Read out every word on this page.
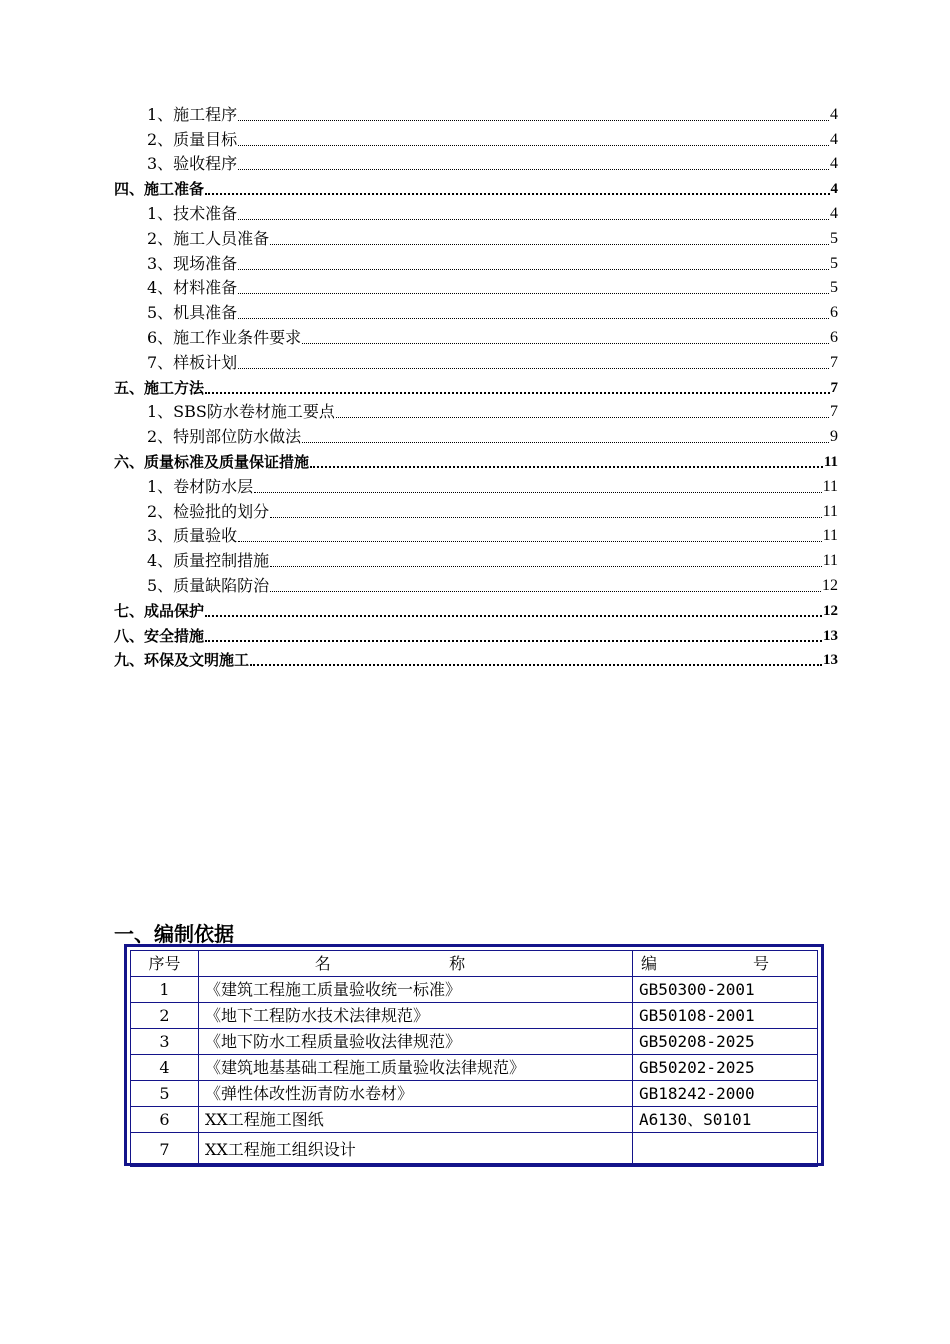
1、施工程序	4
2、质量目标	4
3、验收程序	4
四、施工准备	4
1、技术准备	4
2、施工人员准备	5
3、现场准备	5
4、材料准备	5
5、机具准备	6
6、施工作业条件要求	6
7、样板计划	7
五、施工方法	7
1、SBS防水卷材施工要点	7
2、特别部位防水做法	9
六、质量标准及质量保证措施	11
1、卷材防水层	11
2、检验批的划分	11
3、质量验收	11
4、质量控制措施	11
5、质量缺陷防治	12
七、成品保护	12
八、安全措施	13
九、环保及文明施工	13
一、编制依据
序号	名　称	编　号
1	《建筑工程施工质量验收统一标准》	GB50300-2001
2	《地下工程防水技术法律规范》	GB50108-2001
3	《地下防水工程质量验收法律规范》	GB50208-2025
4	《建筑地基基础工程施工质量验收法律规范》	GB50202-2025
5	《弹性体改性沥青防水卷材》	GB18242-2000
6	XX工程施工图纸	A6130、S0101
7	XX工程施工组织设计	
